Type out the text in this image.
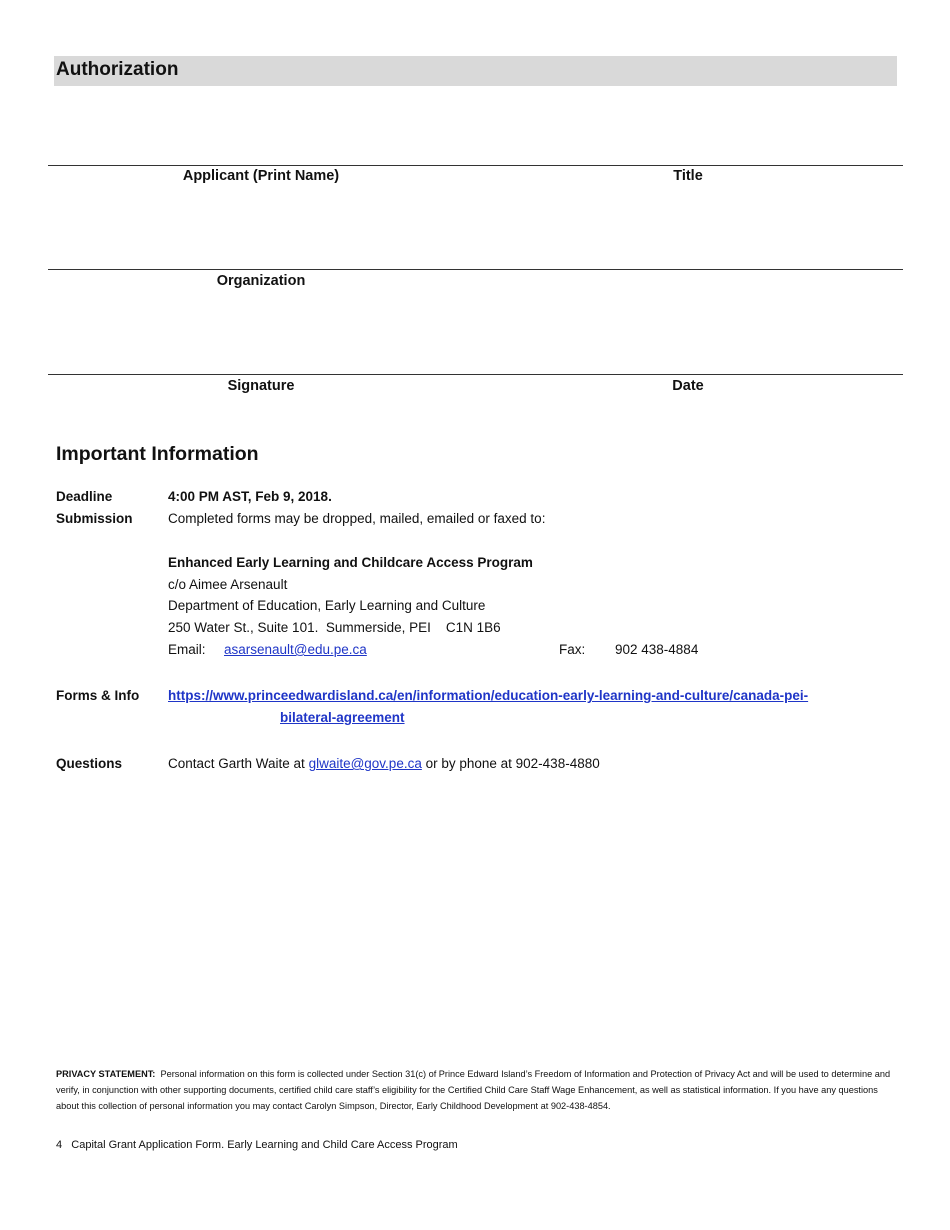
Authorization
Applicant (Print Name)	Title
Organization
Signature	Date
Important Information
Deadline	4:00 PM AST, Feb 9, 2018.
Submission	Completed forms may be dropped, mailed, emailed or faxed to:
Enhanced Early Learning and Childcare Access Program
c/o Aimee Arsenault
Department of Education, Early Learning and Culture
250 Water St., Suite 101.  Summerside, PEI    C1N 1B6
Email: asarsenault@edu.pe.ca	Fax: 902 438-4884
Forms & Info https://www.princeedwardisland.ca/en/information/education-early-learning-and-culture/canada-pei-
bilateral-agreement
Questions	Contact Garth Waite at glwaite@gov.pe.ca or by phone at 902-438-4880
PRIVACY STATEMENT: Personal information on this form is collected under Section 31(c) of Prince Edward Island’s Freedom of Information and Protection of Privacy Act and will be used to determine and verify, in conjunction with other supporting documents, certified child care staff’s eligibility for the Certified Child Care Staff Wage Enhancement, as well as statistical information. If you have any questions about this collection of personal information you may contact Carolyn Simpson, Director, Early Childhood Development at 902-438-4854.
4 Capital Grant Application Form. Early Learning and Child Care Access Program
